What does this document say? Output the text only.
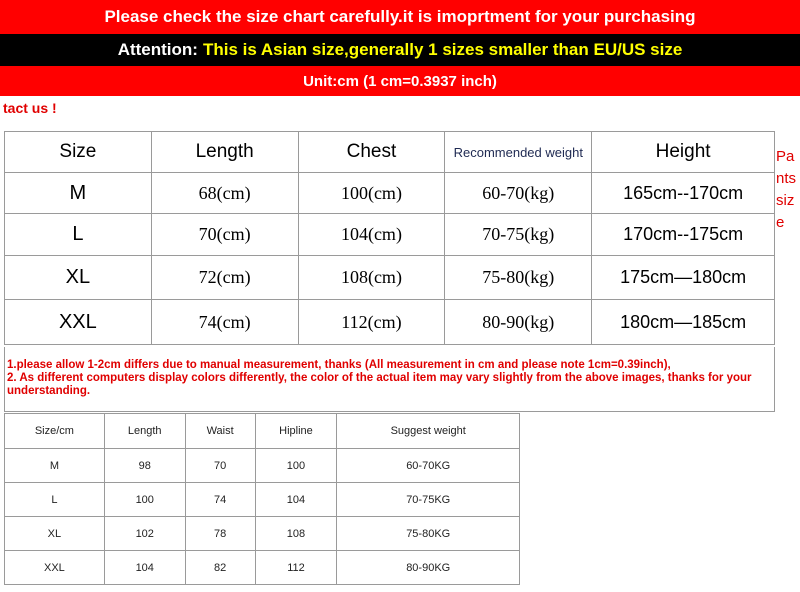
Please check the size chart carefully.it is imoprtment for your purchasing
Attention: This is Asian size,generally 1 sizes smaller than EU/US size
Unit:cm (1 cm=0.3937 inch)
tact us !
Pants size
Size	Length	Chest	Recommended weight	Height
M	68(cm)	100(cm)	60-70(kg)	165cm--170cm
L	70(cm)	104(cm)	70-75(kg)	170cm--175cm
XL	72(cm)	108(cm)	75-80(kg)	175cm—180cm
XXL	74(cm)	112(cm)	80-90(kg)	180cm—185cm
1.please allow 1-2cm differs due to manual measurement, thanks (All measurement in cm and please note 1cm=0.39inch),
2. As different computers display colors differently, the color of the actual item may vary slightly from the above images, thanks for your understanding.
Size/cm	Length	Waist	Hipline	Suggest weight
M	98	70	100	60-70KG
L	100	74	104	70-75KG
XL	102	78	108	75-80KG
XXL	104	82	112	80-90KG
